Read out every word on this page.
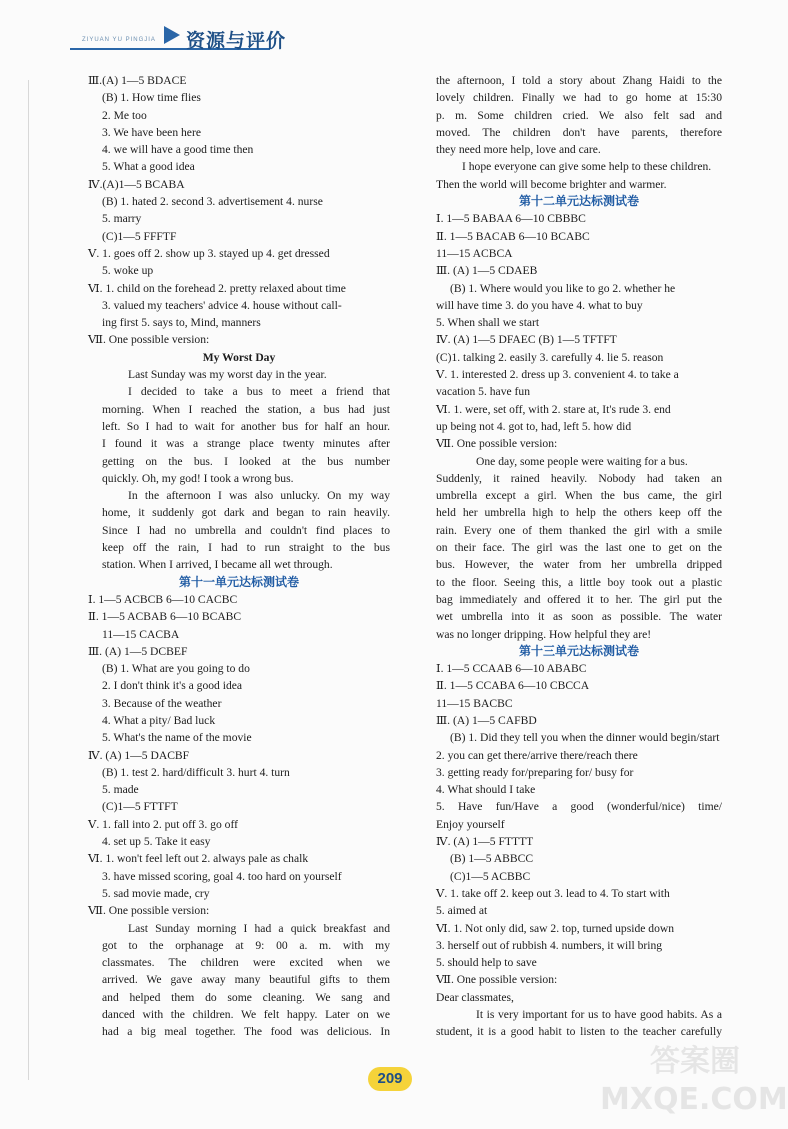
ZIYUAN YU PINGJIA 资源与评价
Ⅲ.(A) 1—5 BDACE
(B) 1. How time flies
2. Me too
3. We have been here
4. we will have a good time then
5. What a good idea
Ⅳ.(A)1—5 BCABA
(B) 1. hated 2. second 3. advertisement 4. nurse
5. marry
(C)1—5 FFFTF
Ⅴ. 1. goes off 2. show up 3. stayed up 4. get dressed
5. woke up
Ⅵ. 1. child on the forehead 2. pretty relaxed about time
3. valued my teachers' advice 4. house without call-
ing first 5. says to, Mind, manners
Ⅶ. One possible version:
My Worst Day
Last Sunday was my worst day in the year.
I decided to take a bus to meet a friend that
morning. When I reached the station, a bus had just
left. So I had to wait for another bus for half an hour.
I found it was a strange place twenty minutes after
getting on the bus. I looked at the bus number
quickly. Oh, my god! I took a wrong bus.
In the afternoon I was also unlucky. On my way
home, it suddenly got dark and began to rain heavily.
Since I had no umbrella and couldn't find places to
keep off the rain, I had to run straight to the bus
station. When I arrived, I became all wet through.
第十一单元达标测试卷
Ⅰ. 1—5 ACBCB 6—10 CACBC
Ⅱ. 1—5 ACBAB 6—10 BCABC
11—15 CACBA
Ⅲ. (A) 1—5 DCBEF
(B) 1. What are you going to do
2. I don't think it's a good idea
3. Because of the weather
4. What a pity/ Bad luck
5. What's the name of the movie
Ⅳ. (A) 1—5 DACBF
(B) 1. test 2. hard/difficult 3. hurt 4. turn
5. made
(C)1—5 FTTFT
Ⅴ. 1. fall into 2. put off 3. go off
4. set up 5. Take it easy
Ⅵ. 1. won't feel left out 2. always pale as chalk
3. have missed scoring, goal 4. too hard on yourself
5. sad movie made, cry
Ⅶ. One possible version:
Last Sunday morning I had a quick breakfast and
got to the orphanage at 9: 00 a. m. with my
classmates. The children were excited when we
arrived. We gave away many beautiful gifts to them
and helped them do some cleaning. We sang and
danced with the children. We felt happy. Later on we
had a big meal together. The food was delicious. In
the afternoon, I told a story about Zhang Haidi to the
lovely children. Finally we had to go home at 15:30
p. m. Some children cried. We also felt sad and
moved. The children don't have parents, therefore
they need more help, love and care.
I hope everyone can give some help to these children.
Then the world will become brighter and warmer.
第十二单元达标测试卷
Ⅰ. 1—5 BABAA 6—10 CBBBC
Ⅱ. 1—5 BACAB 6—10 BCABC
11—15 ACBCA
Ⅲ. (A) 1—5 CDAEB
(B) 1. Where would you like to go 2. whether he
will have time 3. do you have 4. what to buy
5. When shall we start
Ⅳ. (A) 1—5 DFAEC (B) 1—5 TFTFT
(C)1. talking 2. easily 3. carefully 4. lie 5. reason
Ⅴ. 1. interested 2. dress up 3. convenient 4. to take a
vacation 5. have fun
Ⅵ. 1. were, set off, with 2. stare at, It's rude 3. end
up being not 4. got to, had, left 5. how did
Ⅶ. One possible version:
One day, some people were waiting for a bus.
Suddenly, it rained heavily. Nobody had taken an
umbrella except a girl. When the bus came, the girl
held her umbrella high to help the others keep off the
rain. Every one of them thanked the girl with a smile
on their face. The girl was the last one to get on the
bus. However, the water from her umbrella dripped
to the floor. Seeing this, a little boy took out a plastic
bag immediately and offered it to her. The girl put the
wet umbrella into it as soon as possible. The water
was no longer dripping. How helpful they are!
第十三单元达标测试卷
Ⅰ. 1—5 CCAAB 6—10 ABABC
Ⅱ. 1—5 CCABA 6—10 CBCCA
11—15 BACBC
Ⅲ. (A) 1—5 CAFBD
(B) 1. Did they tell you when the dinner would begin/start
2. you can get there/arrive there/reach there
3. getting ready for/preparing for/ busy for
4. What should I take
5. Have fun/Have a good (wonderful/nice) time/
Enjoy yourself
Ⅳ. (A) 1—5 FTTTT
(B) 1—5 ABBCC
(C)1—5 ACBBC
Ⅴ. 1. take off 2. keep out 3. lead to 4. To start with
5. aimed at
Ⅵ. 1. Not only did, saw 2. top, turned upside down
3. herself out of rubbish 4. numbers, it will bring
5. should help to save
Ⅶ. One possible version:
Dear classmates,
It is very important for us to have good habits. As a
student, it is a good habit to listen to the teacher carefully
209	答案圈
MXQE.COM
